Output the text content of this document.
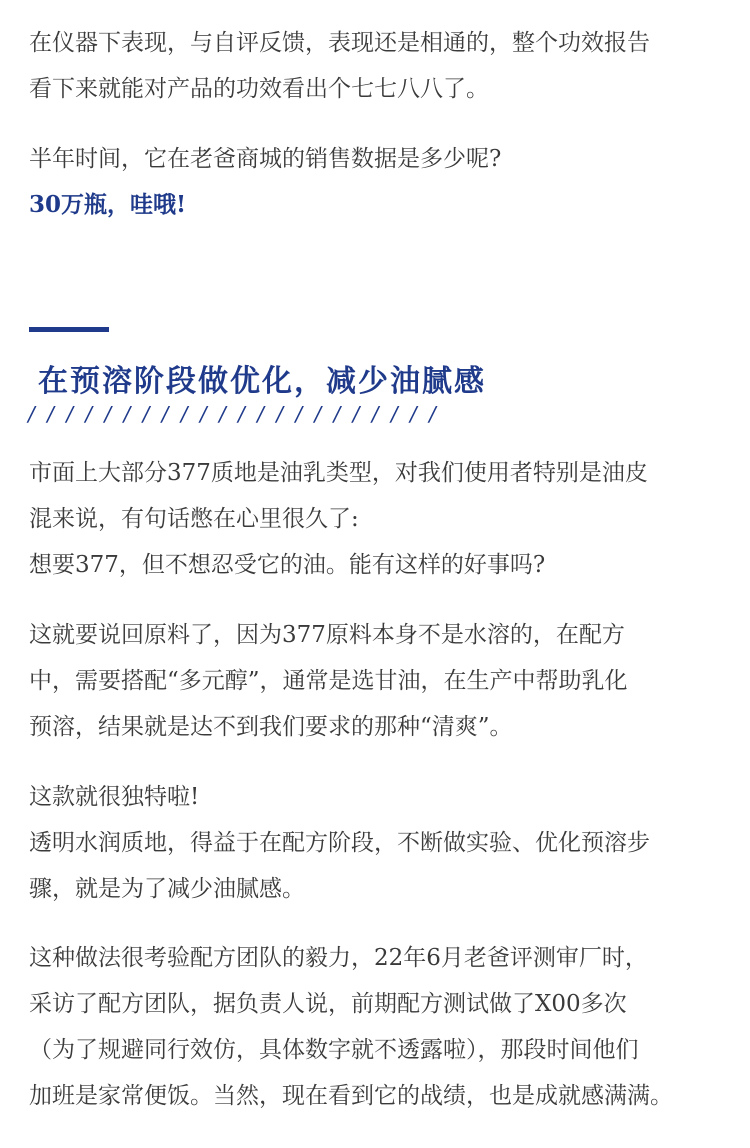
在仪器下表现，与自评反馈，表现还是相通的，整个功效报告
看下来就能对产品的功效看出个七七八八了。
半年时间，它在老爸商城的销售数据是多少呢?
30万瓶，哇哦!
在预溶阶段做优化，减少油腻感
/ / / / / / / / / / / / / / / / / / / / / /
市面上大部分377质地是油乳类型，对我们使用者特别是油皮
混来说，有句话憋在心里很久了:
想要377，但不想忍受它的油。能有这样的好事吗?
这就要说回原料了，因为377原料本身不是水溶的，在配方
中，需要搭配“多元醇”，通常是选甘油，在生产中帮助乳化
预溶，结果就是达不到我们要求的那种“清爽”。
这款就很独特啦!
透明水润质地，得益于在配方阶段，不断做实验、优化预溶步
骤，就是为了减少油腻感。
这种做法很考验配方团队的毅力，22年6月老爸评测审厂时，
采访了配方团队，据负责人说，前期配方测试做了X00多次
（为了规避同行效仿，具体数字就不透露啦），那段时间他们
加班是家常便饭。当然，现在看到它的战绩，也是成就感满满。
